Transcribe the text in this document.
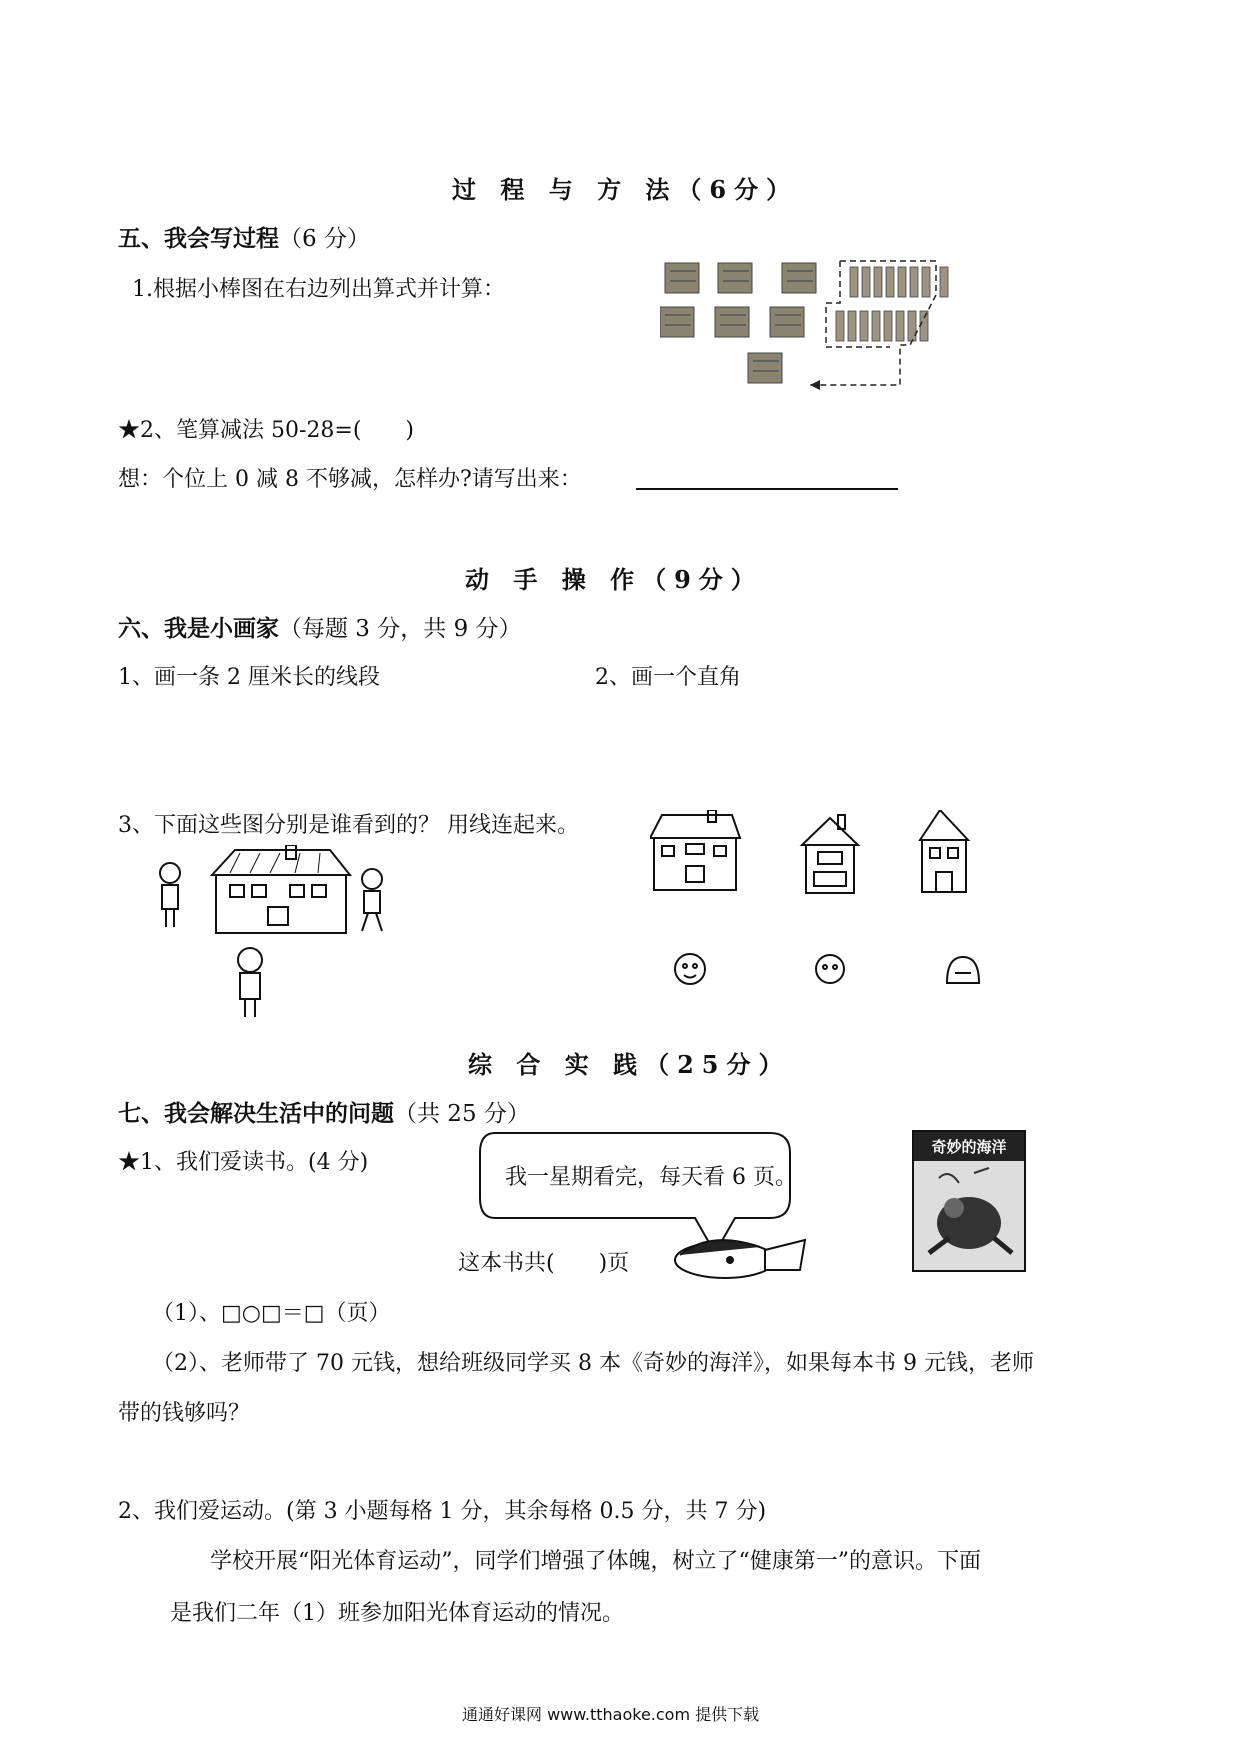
过 程 与 方 法（6分）
五、我会写过程（6 分）
1.根据小棒图在右边列出算式并计算：
★2、笔算减法 50-28=(　　)
想：个位上 0 减 8 不够减，怎样办?请写出来：
动 手 操 作（9分）
六、我是小画家（每题 3 分，共 9 分）
1、画一条 2 厘米长的线段	2、画一个直角
3、下面这些图分别是谁看到的？ 用线连起来。
综 合 实 践（25分）
七、我会解决生活中的问题（共 25 分）
★1、我们爱读书。(4 分)
我一星期看完，每天看 6 页。
这本书共(　　)页
奇妙的海洋
（1）、□○□＝□（页）
（2）、老师带了 70 元钱，想给班级同学买 8 本《奇妙的海洋》，如果每本书 9 元钱，老师
带的钱够吗？
2、我们爱运动。(第 3 小题每格 1 分，其余每格 0.5 分，共 7 分)
学校开展“阳光体育运动”，同学们增强了体魄，树立了“健康第一”的意识。下面
是我们二年（1）班参加阳光体育运动的情况。
通通好课网 www.tthaoke.com 提供下载
